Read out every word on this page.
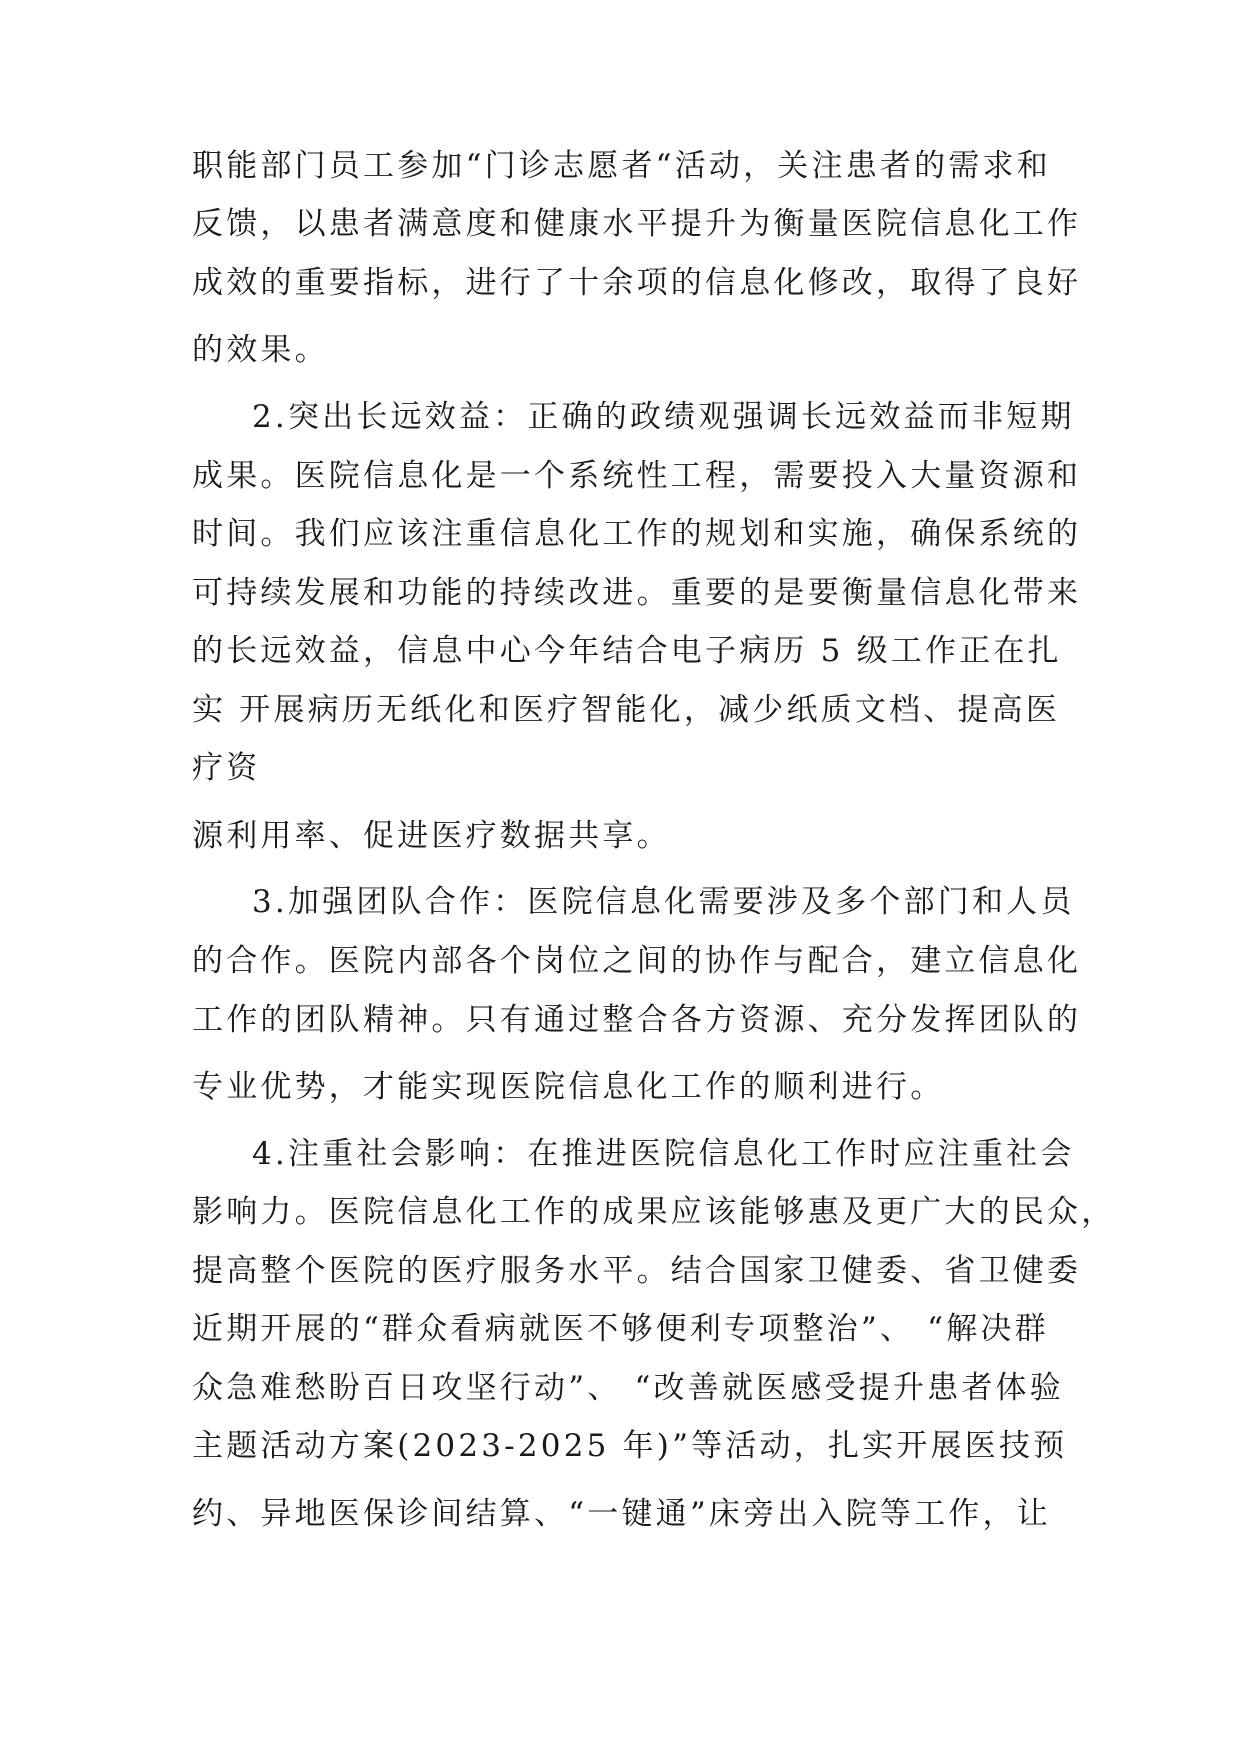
职能部门员工参加“门诊志愿者“活动，关注患者的需求和
反馈，以患者满意度和健康水平提升为衡量医院信息化工作
成效的重要指标，进行了十余项的信息化修改，取得了良好
的效果。
2.突出长远效益：正确的政绩观强调长远效益而非短期
成果。医院信息化是一个系统性工程，需要投入大量资源和
时间。我们应该注重信息化工作的规划和实施，确保系统的
可持续发展和功能的持续改进。重要的是要衡量信息化带来
的长远效益，信息中心今年结合电子病历 5 级工作正在扎
实 开展病历无纸化和医疗智能化，减少纸质文档、提高医
疗资
源利用率、促进医疗数据共享。
3.加强团队合作：医院信息化需要涉及多个部门和人员
的合作。医院内部各个岗位之间的协作与配合，建立信息化
工作的团队精神。只有通过整合各方资源、充分发挥团队的
专业优势，才能实现医院信息化工作的顺利进行。
4.注重社会影响：在推进医院信息化工作时应注重社会
影响力。医院信息化工作的成果应该能够惠及更广大的民众，
提高整个医院的医疗服务水平。结合国家卫健委、省卫健委
近期开展的“群众看病就医不够便利专项整治”、 “解决群
众急难愁盼百日攻坚行动”、 “改善就医感受提升患者体验
主题活动方案(2023-2025 年)”等活动，扎实开展医技预
约、异地医保诊间结算、“一键通”床旁出入院等工作，让
